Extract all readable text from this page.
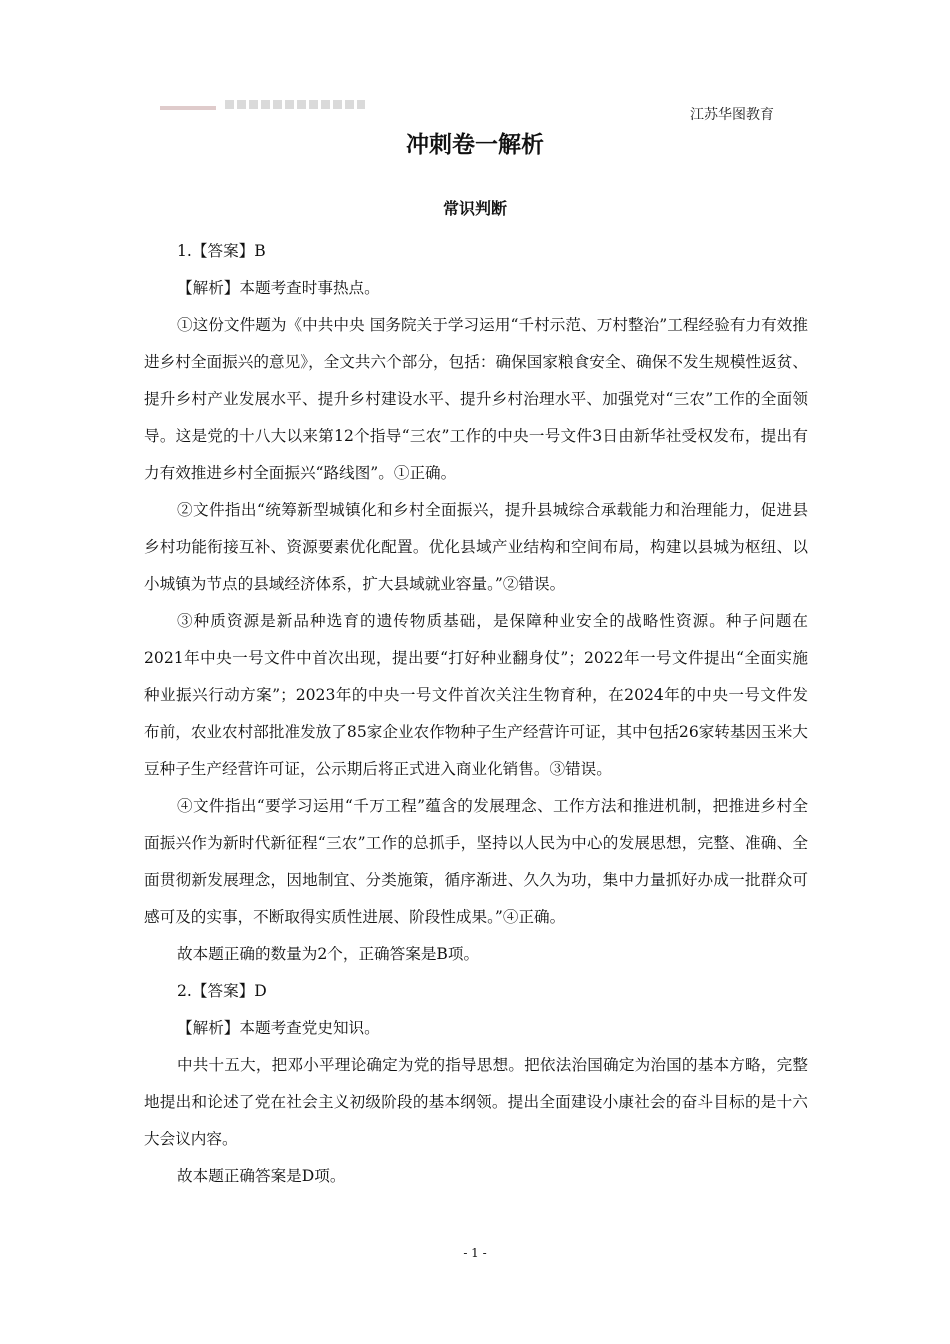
江苏华图教育
冲刺卷一解析
常识判断

1.【答案】B

【解析】本题考查时事热点。

①这份文件题为《中共中央 国务院关于学习运用“千村示范、万村整治”工程经验有力有效推进乡村全面振兴的意见》，全文共六个部分，包括：确保国家粮食安全、确保不发生规模性返贫、提升乡村产业发展水平、提升乡村建设水平、提升乡村治理水平、加强党对“三农”工作的全面领导。这是党的十八大以来第12个指导“三农”工作的中央一号文件3日由新华社受权发布，提出有力有效推进乡村全面振兴“路线图”。①正确。

②文件指出“统筹新型城镇化和乡村全面振兴，提升县城综合承载能力和治理能力，促进县乡村功能衔接互补、资源要素优化配置。优化县域产业结构和空间布局，构建以县城为枢纽、以小城镇为节点的县域经济体系，扩大县域就业容量。”②错误。

③种质资源是新品种选育的遗传物质基础，是保障种业安全的战略性资源。种子问题在2021年中央一号文件中首次出现，提出要“打好种业翻身仗”；2022年一号文件提出“全面实施种业振兴行动方案”；2023年的中央一号文件首次关注生物育种，在2024年的中央一号文件发布前，农业农村部批准发放了85家企业农作物种子生产经营许可证，其中包括26家转基因玉米大豆种子生产经营许可证，公示期后将正式进入商业化销售。③错误。

④文件指出“要学习运用“千万工程”蕴含的发展理念、工作方法和推进机制，把推进乡村全面振兴作为新时代新征程“三农”工作的总抓手，坚持以人民为中心的发展思想，完整、准确、全面贯彻新发展理念，因地制宜、分类施策，循序渐进、久久为功，集中力量抓好办成一批群众可感可及的实事，不断取得实质性进展、阶段性成果。”④正确。

故本题正确的数量为2个，正确答案是B项。

2.【答案】D

【解析】本题考查党史知识。

中共十五大，把邓小平理论确定为党的指导思想。把依法治国确定为治国的基本方略，完整地提出和论述了党在社会主义初级阶段的基本纲领。提出全面建设小康社会的奋斗目标的是十六大会议内容。

故本题正确答案是D项。

- 1 -
